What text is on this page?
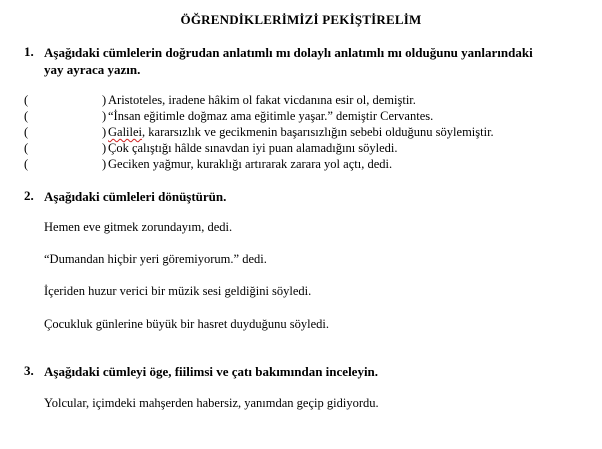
ÖĞRENDİKLERİMİZİ PEKİŞTİRELİM
1. Aşağıdaki cümlelerin doğrudan anlatımlı mı dolaylı anlatımlı mı olduğunu yanlarındaki
yay ayraca yazın.
(	) Aristoteles, iradene hâkim ol fakat vicdanına esir ol, demiştir.
(	) “İnsan eğitimle doğmaz ama eğitimle yaşar.” demiştir Cervantes.
(	) Galilei, kararsızlık ve gecikmenin başarısızlığın sebebi olduğunu söylemiştir.
(	) Çok çalıştığı hâlde sınavdan iyi puan alamadığını söyledi.
(	) Geciken yağmur, kuraklığı artırarak zarara yol açtı, dedi.
2. Aşağıdaki cümleleri dönüştürün.
Hemen eve gitmek zorundayım, dedi.
“Dumandan hiçbir yeri göremiyorum.” dedi.
İçeriden huzur verici bir müzik sesi geldiğini söyledi.
Çocukluk günlerine büyük bir hasret duyduğunu söyledi.
3. Aşağıdaki cümleyi öge, fiilimsi ve çatı bakımından inceleyin.
Yolcular, içimdeki mahşerden habersiz, yanımdan geçip gidiyordu.
